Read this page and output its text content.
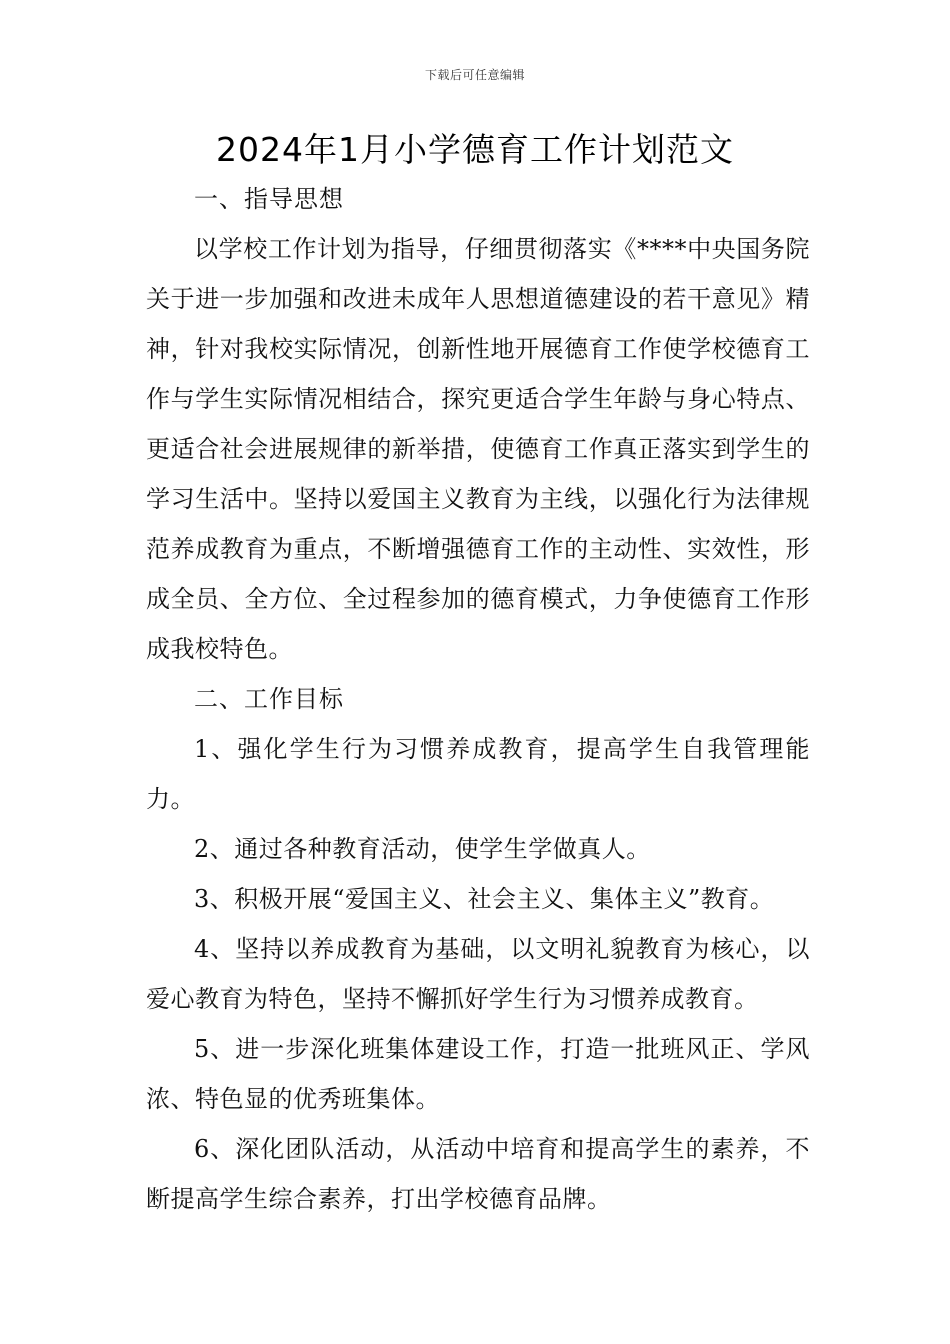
下载后可任意编辑
2024年1月小学德育工作计划范文

一、指导思想

以学校工作计划为指导，仔细贯彻落实《****中央国务院关于进一步加强和改进未成年人思想道德建设的若干意见》精神，针对我校实际情况，创新性地开展德育工作使学校德育工作与学生实际情况相结合，探究更适合学生年龄与身心特点、更适合社会进展规律的新举措，使德育工作真正落实到学生的学习生活中。坚持以爱国主义教育为主线，以强化行为法律规范养成教育为重点，不断增强德育工作的主动性、实效性，形成全员、全方位、全过程参加的德育模式，力争使德育工作形成我校特色。

二、工作目标

1、强化学生行为习惯养成教育，提高学生自我管理能力。

2、通过各种教育活动，使学生学做真人。

3、积极开展“爱国主义、社会主义、集体主义”教育。

4、坚持以养成教育为基础，以文明礼貌教育为核心，以爱心教育为特色，坚持不懈抓好学生行为习惯养成教育。

5、进一步深化班集体建设工作，打造一批班风正、学风浓、特色显的优秀班集体。

6、深化团队活动，从活动中培育和提高学生的素养，不断提高学生综合素养，打出学校德育品牌。
